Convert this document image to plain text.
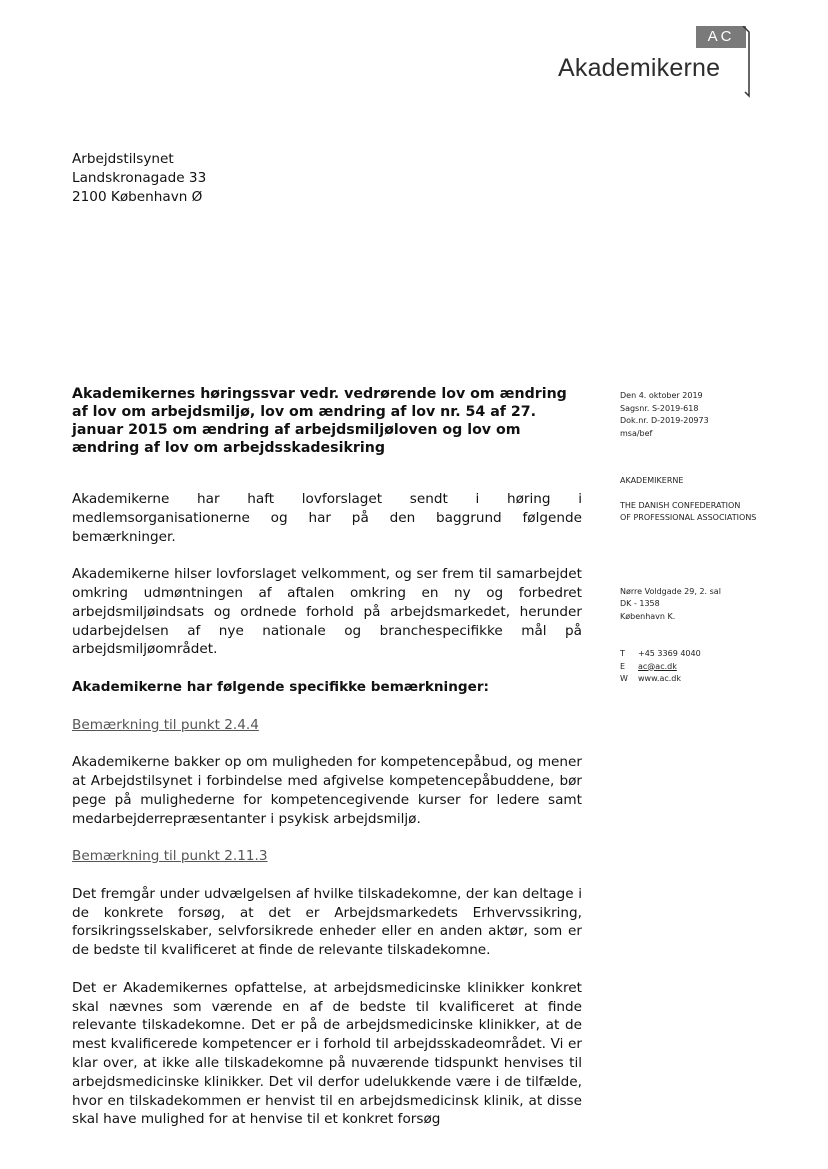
AC
Akademikerne
Arbejdstilsynet
Landskronagade 33
2100 København Ø
Akademikernes høringssvar vedr. vedrørende lov om ændring af lov om arbejdsmiljø, lov om ændring af lov nr. 54 af 27. januar 2015 om ændring af arbejdsmiljøloven og lov om ændring af lov om arbejdsskadesikring
Den 4. oktober 2019
Sagsnr. S-2019-618
Dok.nr. D-2019-20973
msa/bef
AKADEMIKERNE
THE DANISH CONFEDERATION
OF PROFESSIONAL ASSOCIATIONS
Nørre Voldgade 29, 2. sal
DK - 1358
København K.
T +45 3369 4040
E ac@ac.dk
W www.ac.dk

Akademikerne har haft lovforslaget sendt i høring i medlemsorganisationerne og har på den baggrund følgende bemærkninger.

Akademikerne hilser lovforslaget velkomment, og ser frem til samarbejdet omkring udmøntningen af aftalen omkring en ny og forbedret arbejdsmiljøindsats og ordnede forhold på arbejdsmarkedet, herunder udarbejdelsen af nye nationale og branchespecifikke mål på arbejdsmiljøområdet.

Akademikerne har følgende specifikke bemærkninger:

Bemærkning til punkt 2.4.4

Akademikerne bakker op om muligheden for kompetencepåbud, og mener at Arbejdstilsynet i forbindelse med afgivelse kompetencepåbuddene, bør pege på mulighederne for kompetencegivende kurser for ledere samt medarbejderrepræsentanter i psykisk arbejdsmiljø.

Bemærkning til punkt 2.11.3

Det fremgår under udvælgelsen af hvilke tilskadekomne, der kan deltage i de konkrete forsøg, at det er Arbejdsmarkedets Erhvervssikring, forsikringsselskaber, selvforsikrede enheder eller en anden aktør, som er de bedste til kvalificeret at finde de relevante tilskadekomne.

Det er Akademikernes opfattelse, at arbejdsmedicinske klinikker konkret skal nævnes som værende en af de bedste til kvalificeret at finde relevante tilskadekomne. Det er på de arbejdsmedicinske klinikker, at de mest kvalificerede kompetencer er i forhold til arbejdsskadeområdet. Vi er klar over, at ikke alle tilskadekomne på nuværende tidspunkt henvises til arbejdsmedicinske klinikker. Det vil derfor udelukkende være i de tilfælde, hvor en tilskadekommen er henvist til en arbejdsmedicinsk klinik, at disse skal have mulighed for at henvise til et konkret forsøg
